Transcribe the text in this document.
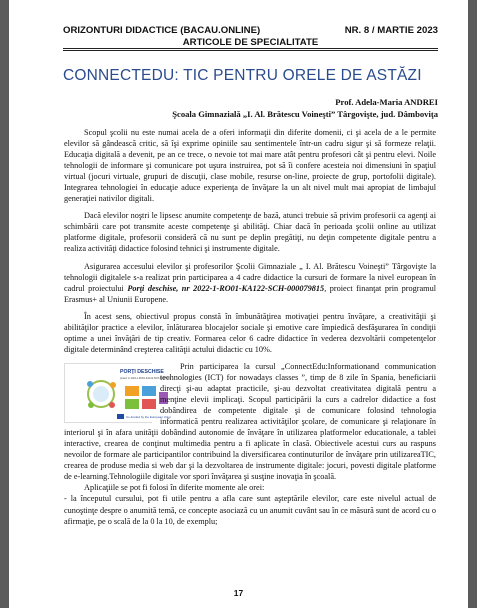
ORIZONTURI DIDACTICE (BACAU.ONLINE)	NR. 8 / MARTIE 2023
ARTICOLE DE SPECIALITATE
CONNECTEDU: TIC PENTRU ORELE DE ASTĂZI
Prof. Adela-Maria ANDREI
Şcoala Gimnazială „I. Al. Brătescu Voineşti” Târgovişte, jud. Dâmboviţa

Scopul şcolii nu este numai acela de a oferi informaţii din diferite domenii, ci şi acela de a le permite elevilor să gândească critic, să îşi exprime opiniile sau sentimentele într-un cadru sigur şi să formeze relaţii. Educaţia digitală a devenit, pe an ce trece, o nevoie tot mai mare atât pentru profesori cât şi pentru elevi. Noile tehnologii de informare şi comunicare pot uşura instruirea, pot să îi confere acesteia noi dimensiuni în spaţiul virtual (jocuri virtuale, grupuri de discuţii, clase mobile, resurse on-line, proiecte de grup, portofolii digitale). Integrarea tehnologiei în educaţie aduce experienţa de învăţare la un alt nivel mult mai apropiat de limbajul generaţiei nativilor digitali.

Dacă elevilor noştri le lipsesc anumite competenţe de bază, atunci trebuie să privim profesorii ca agenţi ai schimbării care pot transmite aceste competenţe şi abilităţi. Chiar dacă în perioada şcolii online au utilizat platforme digitale, profesorii consideră că nu sunt pe deplin pregătiţi, nu deţin competente digitale pentru a realiza activităţi didactice folosind tehnici şi instrumente digitale.

Asigurarea accesului elevilor şi profesorilor Şcolii Gimnaziale „ I. Al. Brătescu Voineşti” Târgovişte la tehnologii digitalele s-a realizat prin participarea a 4 cadre didactice la cursuri de formare la nivel european în cadrul proiectului Porţi deschise, nr 2022-1-RO01-KA122-SCH-000079815, proiect finanţat prin programul Erasmus+ al Uniunii Europene.

În acest sens, obiectivul propus constă în îmbunătăţirea motivaţiei pentru învăţare, a creativităţii şi abilităţilor practice a elevilor, înlăturarea blocajelor sociale şi emotive care împiedică desfăşurarea în condiţii optime a unei învăţări de tip creativ. Formarea celor 6 cadre didactice în vederea dezvoltării competenţelor digitale determinând creşterea calităţii actului didactic cu 10%.

PORŢI DESCHISE
proiect nr 2022-1-RO01-KA122-SCH-000079815
Co-funded by the European Union
Prin participarea la cursul „ConnectEdu:Informationand communication technologies (ICT) for nowadays classes ”, timp de 8 zile în Spania, beneficiarii direcţi şi-au adaptat practicile, şi-au dezvoltat creativitatea digitală pentru a menţine elevii implicaţi. Scopul participării la curs a cadrelor didactice a fost dobândirea de competente digitale şi de comunicare folosind tehnologia informatică pentru realizarea activităţilor şcolare, de comunicare şi relaţionare în interiorul şi în afara unităţii dobândind autonomie de învăţare în utilizarea platformelor educationale, a tablei interactive, crearea de conţinut multimedia pentru a fi aplicate în clasă. Obiectivele acestui curs au raspuns nevoilor de formare ale participantilor contribuind la diversificarea continuturilor de învăţare prin utilizareaTIC, crearea de produse media si web dar şi la dezvoltarea de instrumente digitale: jocuri, povesti digitale platforme de e-learning.Tehnologiile digitale vor spori învăţarea şi susţine inovaţia în şcoală.

Aplicaţiile se pot fi folosi în diferite momente ale orei:

- la începutul cursului, pot fi utile pentru a afla care sunt aşteptările elevilor, care este nivelul actual de cunoştinţe despre o anumită temă, ce concepte asociază cu un anumit cuvânt sau în ce măsură sunt de acord cu o afirmaţie, pe o scală de la 0 la 10, de exemplu;

17
